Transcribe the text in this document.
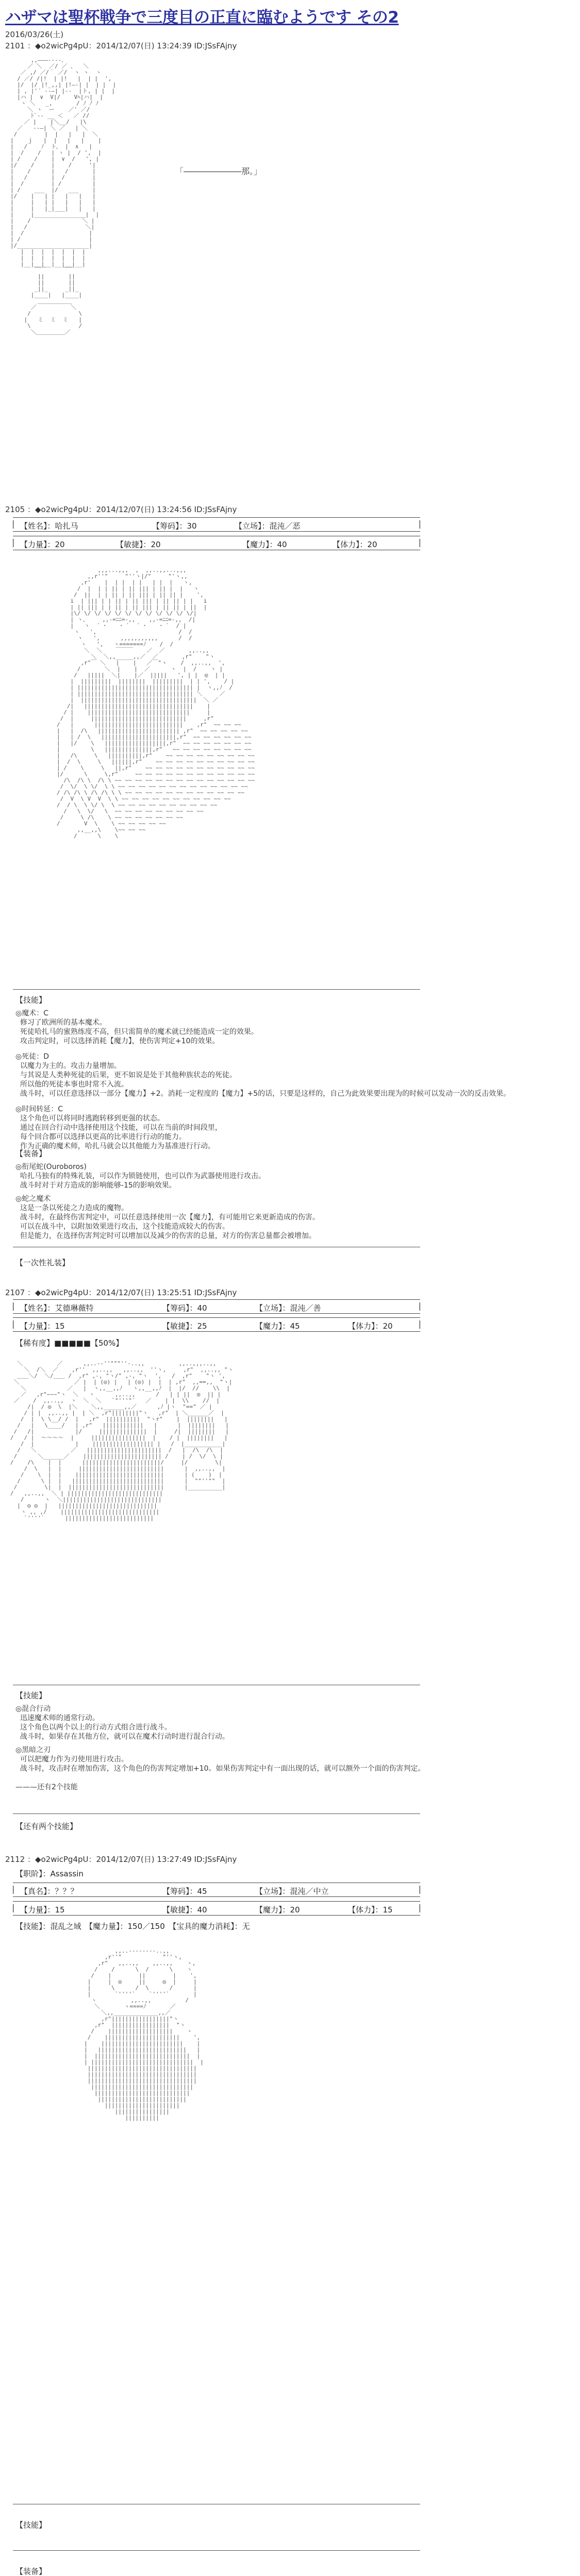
ハザマは聖杯戦争で三度目の正直に臨むようです その2
2016/03/26(土)
2101 ：◆o2wicPg4pU：2014/12/07(日) 13:24:39 ID:JSsFAjny
,,―――‐‐--､
／ ＼  ／/ ／ 、  ＼
／ ,/ ／/｀ ／/  ヽ ヽ  ヽ
/ ／/ /|!  | |!   |  | |  ',
|/  |/ |!_,,| |!―-| |  | |  |
| , |'´ ‐-―| |-‐  |ト, | |  |
|ハ |  ∨  V|/    Vﾍ|ハ|  |
ヽ ＼   _,       / ﾉ ﾉ ﾉ
＼ ヽ  ー    ／' ／/
ﾄ`‐- __ ＜   ／ //
／ |    |＼__/   |\
／   ‐-―| ＼ ／   | ＼
/        |  |   |   |  ＼
|    ｊ   |  |   |   |    |
|   /    ﾉ  ト、 |  ∧   |
|  /    /   | ヽ |  / ',  |
| /    /    |  ∨  /   ', |
|/    /     |    /     '|
|    /      |   /       |
|   /       |  /        |
|  /        | /         |
| /    ___  |/   ___    |
|/    |   | |   |   |   |
|     |   | |   |   |   |
|     |   |_|___|   |   |
|     |_______________|  |
|    /               ＼ |
|   /                 ＼|
|  /                   |
| /                    |
|/_____________________|
|  |  |  |  |  |  |
|  |  |  |  |  |  |
|__|__|__|__|__|__|
￣￣     ￣￣
||       ||
||       ||
_||_     _||_
|____|   |____|
＿＿＿＿＿＿
／          ＼
/              \
|   ミ  ミ  ミ   |
\              /
＼＿＿＿＿＿／

「―――――――那。」
2105 ：◆o2wicPg4pU：2014/12/07(日) 13:24:56 ID:JSsFAjny
| 【姓名】：哈扎马	【筹码】：30	【立场】：混沌／恶
|
| 【力量】：20	【敏捷】：20	【魔力】：40	【体力】：20
|
,,,...,,,  ,  ,,..,,...,,,
,,r''"     "''ヽ|/"     "'ヽ,,
,r'    |  | |  | |   | |  |   ヽ,
/  |  | | || | || ||| | || |  |   ヽ
/  ||  | | || | || ||| | || || |    ',
i  | ||| | | || | || ||| | || || | |   i
| || ||| | | || | || ||| | || || | ||  |
|\/ \/ \/ \/ \/ \/ \/ \/ \/ \/ \/ \/|
| ヽ、    ,,-=ﾆﾆ=-,,    ,,-=ﾆﾆ=-,,  /|
|   ヽ  ´ ･    ･ `  ´ ･    ･ `  / |
ヽ   ',                        /  /
ヽ   ',      ,,,,,,,,,,,      /  /
ヽ   ',   ヽ=======ﾉ    /  /
＼  ＼    ￣￣￣    ／  ／       ,,..,,
＼  ＼,,_____,,／  ／       ,r"    "ヽ
,r"￣ ＼   |    |   ／￣"ヽ    /  ,,..,,  ',
/       ＼  |    |  ／      ヽ  |  /    ヽ |
/   |||||  ＼|    |／  |||||   ', | |  ◎  | |
|  |||||||||  ||||||||  |||||||||  | | ',    / |
| |||||||||||||||||||||||||||||||||| |  ヽ,,ﾉ  /
| |||||||||||||||||||||||||||||||||| ＼     ／
|  ||||||||||||||||||||||||||||||||||  ＼ ／
/|   ||||||||||||||||||||||||||||||||    |
/ |    ||||||||||||||||||||||||||||||     |
/  |     ||||||||||||||||||||||||||||     ,r"
/   |      ||||||||||||||||||||||||||    ,r"  ~~ ~~ ~~
|   |  /\   |||||||||||||||||||||||| ,r"  ~~ ~~ ~~ ~~ ~~
|   | /  \   ||||||||||||||||||||||,r"  ~~ ~~ ~~ ~~ ~~ ~~
|   |/    \   ||||||||||||||||||,r"  ~~ ~~ ~~ ~~ ~~ ~~ ~~
|         \   ||||||||||||||,r"   ~~ ~~ ~~ ~~ ~~ ~~ ~~ ~~
|   /\     \   ||||||||||,r"    ~~ ~~ ~~ ~~ ~~ ~~ ~~ ~~ ~~
|  /  \     \   ||||||,r"    ~~ ~~ ~~ ~~ ~~ ~~ ~~ ~~ ~~ ~~
| /    \     \   ||,r"    ~~ ~~ ~~ ~~ ~~ ~~ ~~ ~~ ~~ ~~ ~~
|/      \     \,r"     ~~ ~~ ~~ ~~ ~~ ~~ ~~ ~~ ~~ ~~ ~~ ~~
/\  /\ \  /\ \ ~~ ~~ ~~ ~~ ~~ ~~ ~~ ~~ ~~ ~~ ~~ ~~ ~~ ~~
/  \/  \ \/  \ \ ~~ ~~ ~~ ~~ ~~ ~~ ~~ ~~ ~~ ~~ ~~ ~~ ~~
/ /\ /\ \ /\ /\ \ \ ~~ ~~ ~~ ~~ ~~ ~~ ~~ ~~ ~~ ~~ ~~ ~~
/  V  \ V  V  \ \ ~~ ~~ ~~ ~~ ~~ ~~ ~~ ~~ ~~ ~~ ~~
/  / \  \ \/ \  \ ~~ ~~ ~~ ~~ ~~ ~~ ~~ ~~ ~~ ~~
/   \  \/   \  ~~ ~~ ~~ ~~ ~~ ~~ ~~ ~~ ~~
/     \ /\    \ ~~ ~~ ~~ ~~ ~~ ~~ ~~
/       V  \    \ ~~ ~~ ~~ ~~ ~~
,,__,,\    \~~ ~~ ~~
/      \    \

【技能】
◎魔术：C
修习了欧洲所的基本魔术。
死徒哈扎马的蜜熟练度不高，但只需简单的魔术就已经能造成一定的效果。
攻击判定时，可以选择消耗【魔力】，使伤害判定+10的效果。
◎死徒：D
以魔力为主的。攻击力量增加。
与其说是人类种死徒的后果，更不如说是处于其他种族状态的死徒。
所以他的死徒本事也时常不入流。
战斗时，可以任意选择以一部分【魔力】+2。消耗一定程度的【魔力】+5的话，只要是这样的，自己为此效果要出现为的时候可以发动一次的反击效果。
◎时间转延：C
这个角色可以将同时逃跑转移到更强的状态。
通过在回合行动中选择使用这个技能，可以在当前的时间段里，
每个回合都可以选择以更高的比率进行行动的能力。
作为正确的魔术师，哈扎马就会以其他能力为基准进行行动。
【装备】
◎衔尾蛇(Ouroboros)
哈扎马独有的特殊礼装，可以作为锁链使用，也可以作为武器使用进行攻击。
战斗时对于对方造成的影响能够-15的影响效果。
◎蛇之魔术
这是一条以死徒之力造成的魔物。
战斗时，在最终伤害判定中，可以任意选择使用一次【魔力】，有可能用它来更新造成的伤害。
可以在战斗中，以附加效果进行攻击，这个技能造成较大的伤害。
但是能力，在选择伤害判定时可以增加以及减少的伤害的总量，对方的伤害总量都会被增加。
【一次性礼装】
2107 ：◆o2wicPg4pU：2014/12/07(日) 13:25:51 ID:JSsFAjny
| 【姓名】：艾德琳薇特	【筹码】：40	【立场】：混沌／善
|
| 【力量】：15	【敏捷】：25	【魔力】：45	【体力】：20
|
【稀有度】■■■■■【50%】
＼          ／      ,,..-‐''"""''‐..,,          ,,..,,,..,,
＼  /＼  ／    ,r''  ,,..,,   ,,..,,  ''ヽ,     ,r"  ,,..,, "ヽ
＿＿＼/  ＼/＿＿ /  ,r" ,-, "ヽ/" ,-, "ヽ  ',   /  ,r"    "ヽ ',
＼                ／ |  | (◎) |   | (◎) |  |  | ,r"  ,,==,,  "ヽ|
＼            ／   |  ヽ,,__,,ﾉ   ヽ,,__,,ﾉ  |  |/  //    \\  |
／   ,r"~~~"ヽ  ＼   ヽ      ,,..,,      /   | | ||  ◎  || |
／    /  ,,..,,  ヽ  ＼  ＼   `"'''"`   ／    | |  \\    //  |
/|  / ◎  \  |＼    ＼,,______,,／      ,ﾉ |ヽ  "==" ／ |
/ | |  ,,..,, |  | ＼  ,r"||||||||"ヽ   ,r"  | ＼______／  |
/  |  \ \__/ /  |   ,r"  ||||||||||  "ヽr"    |  ||||||||   |
/   |   \____/   | ,r"   ||||||||||||   |      |  ||||||||   |
/   /|            |/     ||||||||||||||  |     /|  ||||||||   |
/   / |  ～～～～  |     ||||||||||||||||  |    / |  ||||||||   |
/  |            |    |||||||||||||||||| |   /  |___________|
/   ＼          ／   ||||||||||||||||||||||  /   |  /\  /\  |
/      ＼______／    ||||||||||||||||||||||| /    | /  \/  \ |
/    /\    |  |      |||||||||||||||||||||||/     |/        \|
/  \   |  |     |||||||||||||||||||||||||      |  ,,..,,  |
/    \  |  |    ||||||||||||||||||||||||||      | (    )  |
/      \ |  |   |||||||||||||||||||||||||||      |  ""''""  |
/        \|  |  ||||||||||||||||||||||||||||      |__________|
/   ,,..,,  ＼ | ||||||||||||||||||||||||||||
/      ヽ  ＼|||||||||||||||||||||||||||||
|  ◎ ◎  |   |||||||||||||||||||||||||||||
ヽ ,, ,/    |||||||||||||||||||||||||||||
`''''`      ||||||||||||||||||||||||||

【技能】
◎混合行动
迅速魔术师的通常行动。
这个角色以两个以上的行动方式组合进行战斗。
战斗时，如果存在其他方位，就可以在魔术行动时进行混合行动。
◎黑暗之刃
可以把魔力作为刃使用进行攻击。
战斗时，攻击时在增加伤害，这个角色的伤害判定增加+10。如果伤害判定中有一面出现的话，就可以额外一个面的伤害判定。
———还有2个技能
【还有两个技能】
2112 ：◆o2wicPg4pU：2014/12/07(日) 13:27:49 ID:JSsFAjny
【职阶】：Assassin
| 【真名】：？？？	【筹码】：45	【立场】：混沌／中立
|
| 【力量】：15	【敏捷】：40	【魔力】：20	【体力】：15
|
【技能】：混乱之域　【魔力量】：150／150　【宝具的魔力消耗】：无
,,..---‐‐---..,,
,r''"            "''ヽ,
,r"   ,,..,,    ,,..,,    ヽ,
/    /      \  /      \    ヽ
/    |        ||        |    ',
|     |  ◎     ||     ◎  |     |
|      \      /  \      /      |
|       `''''`    `''''`       |
ヽ          ,,..,,          /
＼       ヽ====ﾉ       ／
＼,,_____________,,／
,r"|||||||||||||||||"ヽ
,r"  |||||||||||||||||  "ヽ
/    |||||||||||||||||||    ヽ
/    ||||||||||||||||||||||    ',
|    ||||||||||||||||||||||||    |
|   ||||||||||||||||||||||||||   |
|  ||||||||||||||||||||||||||||  |
| ||||||||||||||||||||||||||||||  |
||||||||||||||||||||||||||||||||
||||||||||||||||||||||||||||||||
||||||||||||||||||||||||||||||||
||||||||||||||||||||||||||||||
||||||||||||||||||||||||||||
||||||||||||||||||||||||||
||||||||||||||||||||||
||||||||||||||||
||||||||||

【技能】
【装备】
